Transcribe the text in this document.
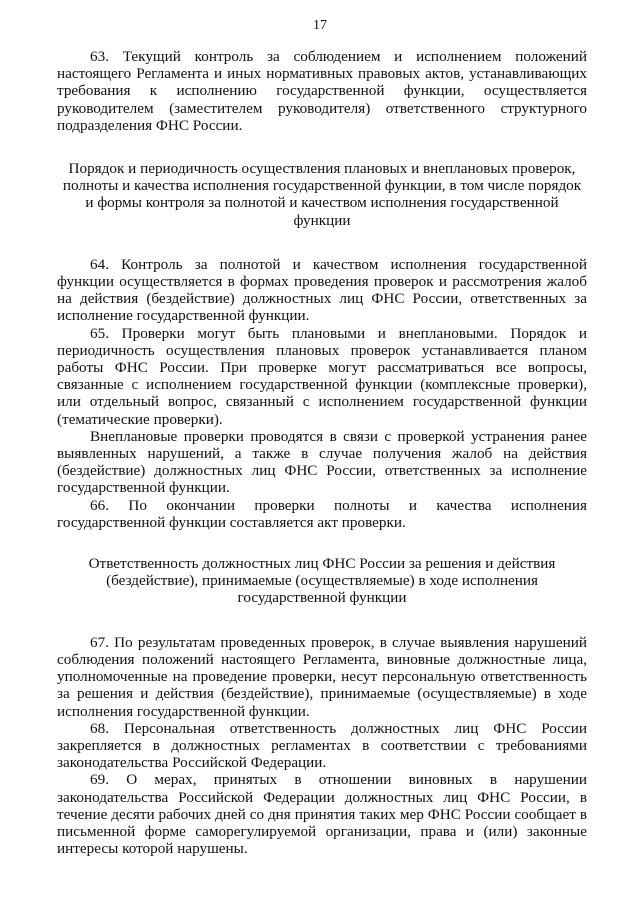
17

63. Текущий контроль за соблюдением и исполнением положений настоящего Регламента и иных нормативных правовых актов, устанавливающих требования к исполнению государственной функции, осуществляется руководителем (заместителем руководителя) ответственного структурного подразделения ФНС России.

Порядок и периодичность осуществления плановых и внеплановых проверок, полноты и качества исполнения государственной функции, в том числе порядок и формы контроля за полнотой и качеством исполнения государственной функции

64. Контроль за полнотой и качеством исполнения государственной функции осуществляется в формах проведения проверок и рассмотрения жалоб на действия (бездействие) должностных лиц ФНС России, ответственных за исполнение государственной функции.

65. Проверки могут быть плановыми и внеплановыми. Порядок и периодичность осуществления плановых проверок устанавливается планом работы ФНС России. При проверке могут рассматриваться все вопросы, связанные с исполнением государственной функции (комплексные проверки), или отдельный вопрос, связанный с исполнением государственной функции (тематические проверки).

Внеплановые проверки проводятся в связи с проверкой устранения ранее выявленных нарушений, а также в случае получения жалоб на действия (бездействие) должностных лиц ФНС России, ответственных за исполнение государственной функции.

66. По окончании проверки полноты и качества исполнения государственной функции составляется акт проверки.

Ответственность должностных лиц ФНС России за решения и действия (бездействие), принимаемые (осуществляемые) в ходе исполнения государственной функции

67. По результатам проведенных проверок, в случае выявления нарушений соблюдения положений настоящего Регламента, виновные должностные лица, уполномоченные на проведение проверки, несут персональную ответственность за решения и действия (бездействие), принимаемые (осуществляемые) в ходе исполнения государственной функции.

68. Персональная ответственность должностных лиц ФНС России закрепляется в должностных регламентах в соответствии с требованиями законодательства Российской Федерации.

69. О мерах, принятых в отношении виновных в нарушении законодательства Российской Федерации должностных лиц ФНС России, в течение десяти рабочих дней со дня принятия таких мер ФНС России сообщает в письменной форме саморегулируемой организации, права и (или) законные интересы которой нарушены.
